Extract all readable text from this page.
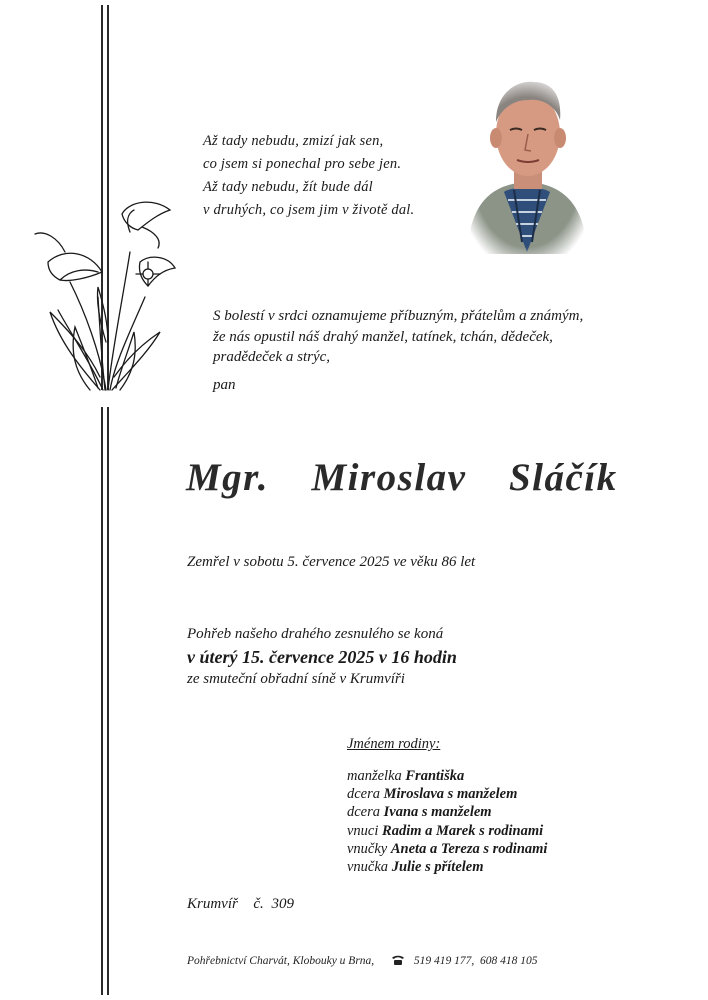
Až tady nebudu, zmizí jak sen,
co jsem si ponechal pro sebe jen.
Až tady nebudu, žít bude dál
v druhých, co jsem jim v životě dal.
S bolestí v srdci oznamujeme příbuzným, přátelům a známým,
že nás opustil náš drahý manžel, tatínek, tchán, dědeček,
pradědeček a strýc,
pan
Mgr.  Miroslav  Sláčík
Zemřel v sobotu 5. července 2025 ve věku 86 let
Pohřeb našeho drahého zesnulého se koná
v úterý 15. července 2025 v 16 hodin
ze smuteční obřadní síně v Krumvíři
Jménem rodiny:
manželka Františka
dcera Miroslava s manželem
dcera Ivana s manželem
vnuci Radim a Marek s rodinami
vnučky Aneta a Tereza s rodinami
vnučka Julie s přítelem
Krumvíř  č. 309
Pohřebnictví Charvát, Klobouky u Brna,	519 419 177,  608 418 105
